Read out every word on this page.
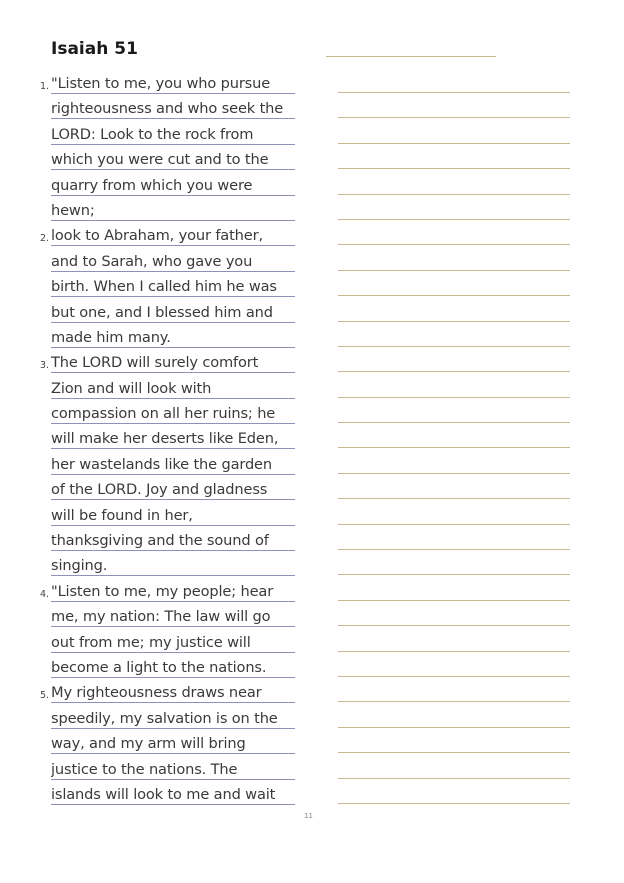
Isaiah 51
1. "Listen to me, you who pursue
righteousness and who seek the
LORD: Look to the rock from
which you were cut and to the
quarry from which you were
hewn;
2. look to Abraham, your father,
and to Sarah, who gave you
birth. When I called him he was
but one, and I blessed him and
made him many.
3. The LORD will surely comfort
Zion and will look with
compassion on all her ruins; he
will make her deserts like Eden,
her wastelands like the garden
of the LORD. Joy and gladness
will be found in her,
thanksgiving and the sound of
singing.
4. "Listen to me, my people; hear
me, my nation: The law will go
out from me; my justice will
become a light to the nations.
5. My righteousness draws near
speedily, my salvation is on the
way, and my arm will bring
justice to the nations. The
islands will look to me and wait
11
